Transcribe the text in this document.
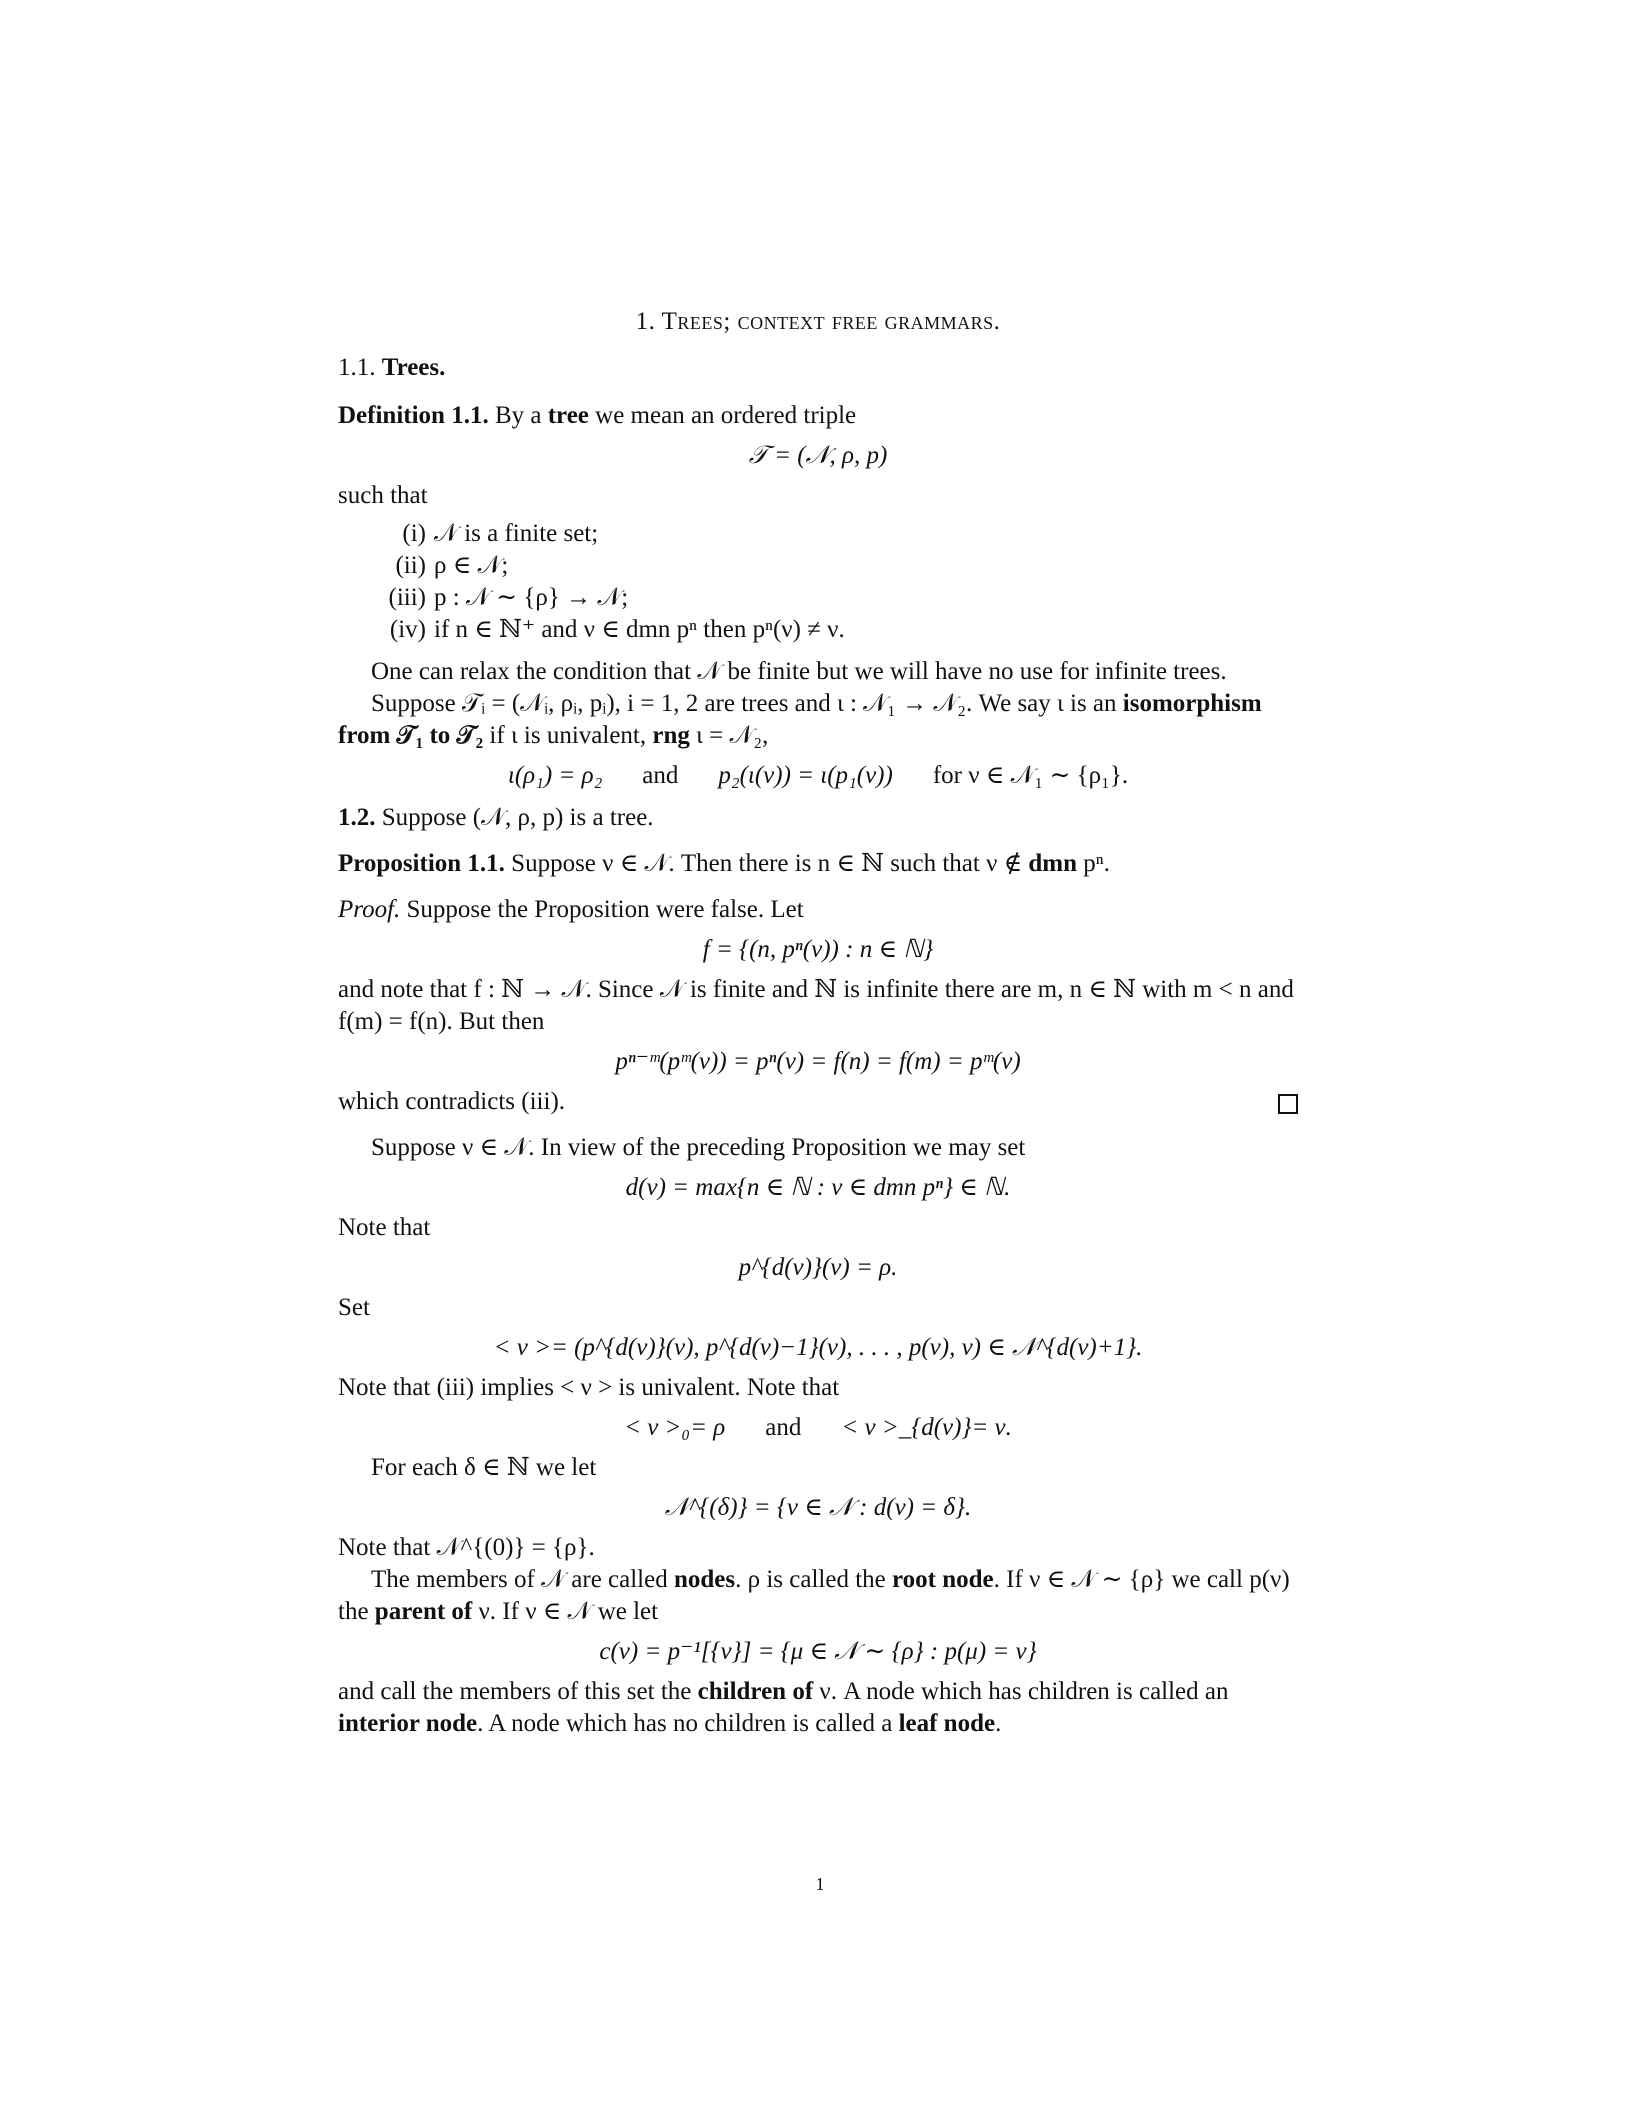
1. Trees; context free grammars.

1.1. Trees.

Definition 1.1. By a tree we mean an ordered triple

𝒯 = (𝒩, ρ, p)

such that

(i) 𝒩 is a finite set;
(ii) ρ ∈ 𝒩;
(iii) p : 𝒩 ∼ {ρ} → 𝒩;
(iv) if n ∈ ℕ⁺ and ν ∈ dmn pⁿ then pⁿ(ν) ≠ ν.

One can relax the condition that 𝒩 be finite but we will have no use for infinite trees.

Suppose 𝒯ᵢ = (𝒩ᵢ, ρᵢ, pᵢ), i = 1, 2 are trees and ι : 𝒩₁ → 𝒩₂. We say ι is an isomorphism from 𝒯₁ to 𝒯₂ if ι is univalent, rng ι = 𝒩₂,

ι(ρ₁) = ρ₂ and p₂(ι(ν)) = ι(p₁(ν)) for ν ∈ 𝒩₁ ∼ {ρ₁}.

1.2. Suppose (𝒩, ρ, p) is a tree.

Proposition 1.1. Suppose ν ∈ 𝒩. Then there is n ∈ ℕ such that ν ∉ dmn pⁿ.

Proof. Suppose the Proposition were false. Let

f = {(n, pⁿ(ν)) : n ∈ ℕ}

and note that f : ℕ → 𝒩. Since 𝒩 is finite and ℕ is infinite there are m, n ∈ ℕ with m < n and f(m) = f(n). But then

pⁿ⁻ᵐ(pᵐ(ν)) = pⁿ(ν) = f(n) = f(m) = pᵐ(ν)
which contradicts (iii).

Suppose ν ∈ 𝒩. In view of the preceding Proposition we may set

d(ν) = max{n ∈ ℕ : ν ∈ dmn pⁿ} ∈ ℕ.

Note that

p^{d(ν)}(ν) = ρ.

Set

< ν >= (p^{d(ν)}(ν), p^{d(ν)−1}(ν), . . . , p(ν), ν) ∈ 𝒩^{d(ν)+1}.

Note that (iii) implies < ν > is univalent. Note that

< ν >₀= ρ and < ν >_{d(ν)}= ν.

For each δ ∈ ℕ we let

𝒩^{(δ)} = {ν ∈ 𝒩 : d(ν) = δ}.

Note that 𝒩^{(0)} = {ρ}.

The members of 𝒩 are called nodes. ρ is called the root node. If ν ∈ 𝒩 ∼ {ρ} we call p(ν) the parent of ν. If ν ∈ 𝒩 we let

c(ν) = p⁻¹[{ν}] = {μ ∈ 𝒩 ∼ {ρ} : p(μ) = ν}

and call the members of this set the children of ν. A node which has children is called an interior node. A node which has no children is called a leaf node.

1
